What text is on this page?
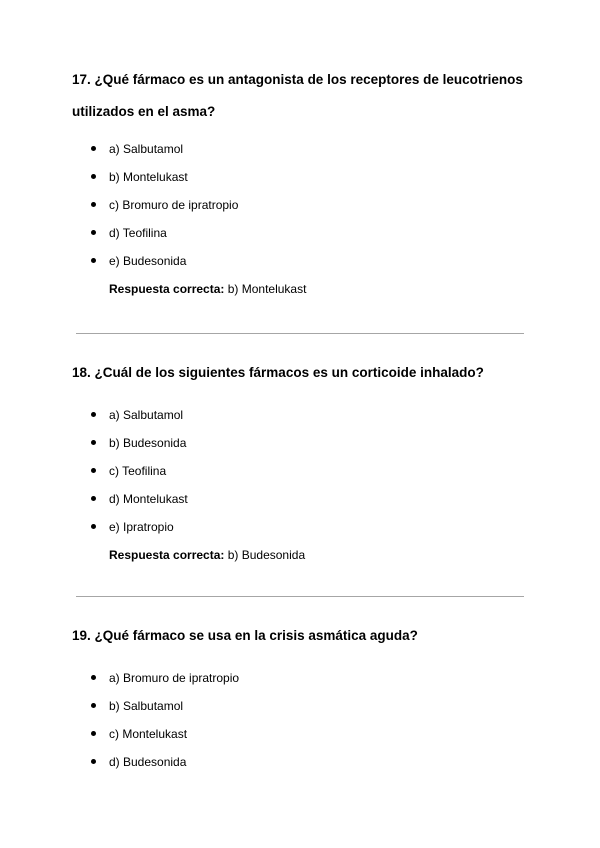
17. ¿Qué fármaco es un antagonista de los receptores de leucotrienos utilizados en el asma?

a) Salbutamol
b) Montelukast
c) Bromuro de ipratropio
d) Teofilina
e) Budesonida
Respuesta correcta: b) Montelukast

18. ¿Cuál de los siguientes fármacos es un corticoide inhalado?

a) Salbutamol
b) Budesonida
c) Teofilina
d) Montelukast
e) Ipratropio
Respuesta correcta: b) Budesonida

19. ¿Qué fármaco se usa en la crisis asmática aguda?

a) Bromuro de ipratropio
b) Salbutamol
c) Montelukast
d) Budesonida
